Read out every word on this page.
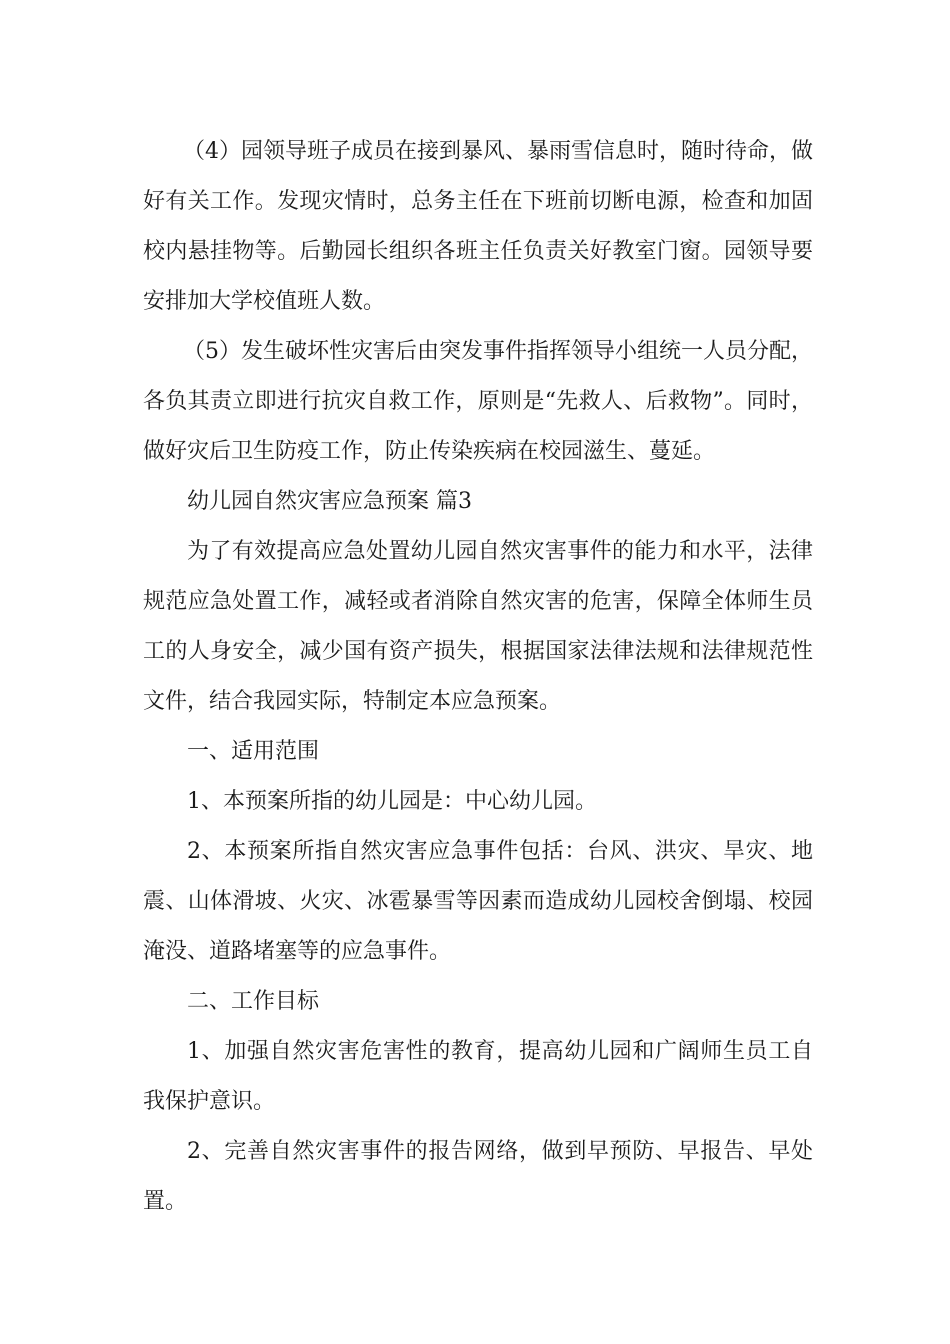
（4）园领导班子成员在接到暴风、暴雨雪信息时，随时待命，做好有关工作。发现灾情时，总务主任在下班前切断电源，检查和加固校内悬挂物等。后勤园长组织各班主任负责关好教室门窗。园领导要安排加大学校值班人数。

（5）发生破坏性灾害后由突发事件指挥领导小组统一人员分配，各负其责立即进行抗灾自救工作，原则是“先救人、后救物”。同时，做好灾后卫生防疫工作，防止传染疾病在校园滋生、蔓延。

幼儿园自然灾害应急预案 篇3

为了有效提高应急处置幼儿园自然灾害事件的能力和水平，法律规范应急处置工作，减轻或者消除自然灾害的危害，保障全体师生员工的人身安全，减少国有资产损失，根据国家法律法规和法律规范性文件，结合我园实际，特制定本应急预案。

一、适用范围

1、本预案所指的幼儿园是：中心幼儿园。

2、本预案所指自然灾害应急事件包括：台风、洪灾、旱灾、地震、山体滑坡、火灾、冰雹暴雪等因素而造成幼儿园校舍倒塌、校园淹没、道路堵塞等的应急事件。

二、工作目标

1、加强自然灾害危害性的教育，提高幼儿园和广阔师生员工自我保护意识。

2、完善自然灾害事件的报告网络，做到早预防、早报告、早处置。
